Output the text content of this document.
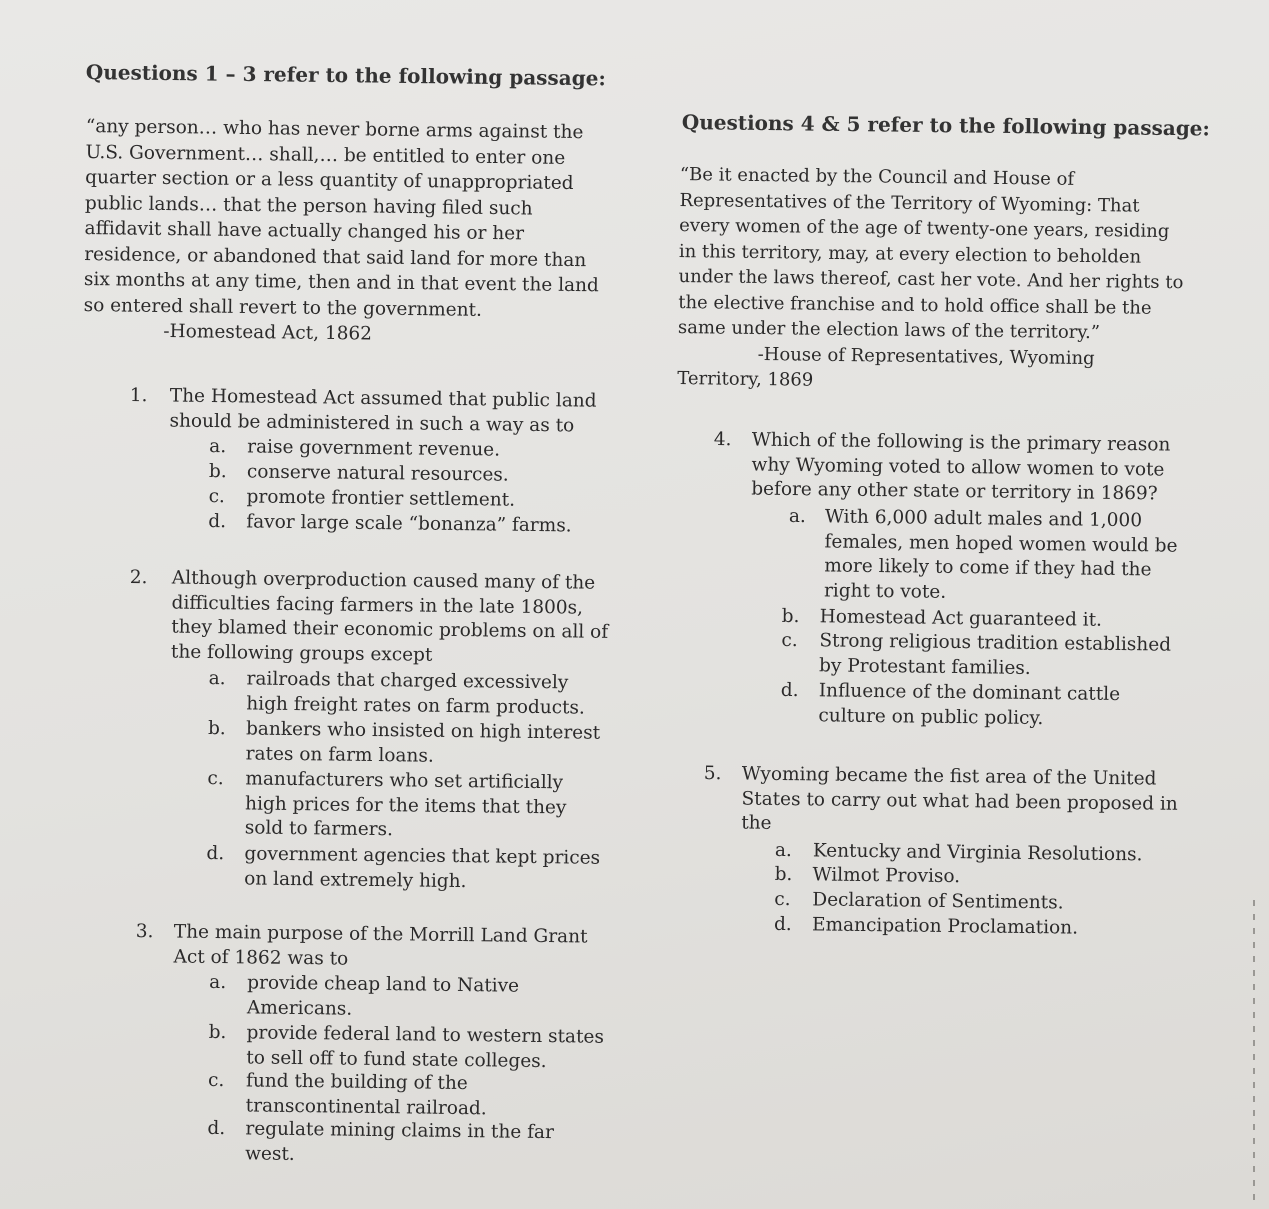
Questions 1 – 3 refer to the following passage:
“any person… who has never borne arms against the
U.S. Government… shall,… be entitled to enter one
quarter section or a less quantity of unappropriated
public lands… that the person having filed such
affidavit shall have actually changed his or her
residence, or abandoned that said land for more than
six months at any time, then and in that event the land
so entered shall revert to the government.
-Homestead Act, 1862
1. The Homestead Act assumed that public land
should be administered in such a way as to
a. raise government revenue.
b. conserve natural resources.
c. promote frontier settlement.
d. favor large scale “bonanza” farms.
2. Although overproduction caused many of the
difficulties facing farmers in the late 1800s,
they blamed their economic problems on all of
the following groups except
a. railroads that charged excessively
high freight rates on farm products.
b. bankers who insisted on high interest
rates on farm loans.
c. manufacturers who set artificially
high prices for the items that they
sold to farmers.
d. government agencies that kept prices
on land extremely high.
3. The main purpose of the Morrill Land Grant
Act of 1862 was to
a. provide cheap land to Native
Americans.
b. provide federal land to western states
to sell off to fund state colleges.
c. fund the building of the
transcontinental railroad.
d. regulate mining claims in the far
west.
Questions 4 & 5 refer to the following passage:
“Be it enacted by the Council and House of
Representatives of the Territory of Wyoming: That
every women of the age of twenty-one years, residing
in this territory, may, at every election to beholden
under the laws thereof, cast her vote. And her rights to
the elective franchise and to hold office shall be the
same under the election laws of the territory.”
-House of Representatives, Wyoming
Territory, 1869
4. Which of the following is the primary reason
why Wyoming voted to allow women to vote
before any other state or territory in 1869?
a. With 6,000 adult males and 1,000
females, men hoped women would be
more likely to come if they had the
right to vote.
b. Homestead Act guaranteed it.
c. Strong religious tradition established
by Protestant families.
d. Influence of the dominant cattle
culture on public policy.
5. Wyoming became the fist area of the United
States to carry out what had been proposed in
the
a. Kentucky and Virginia Resolutions.
b. Wilmot Proviso.
c. Declaration of Sentiments.
d. Emancipation Proclamation.
